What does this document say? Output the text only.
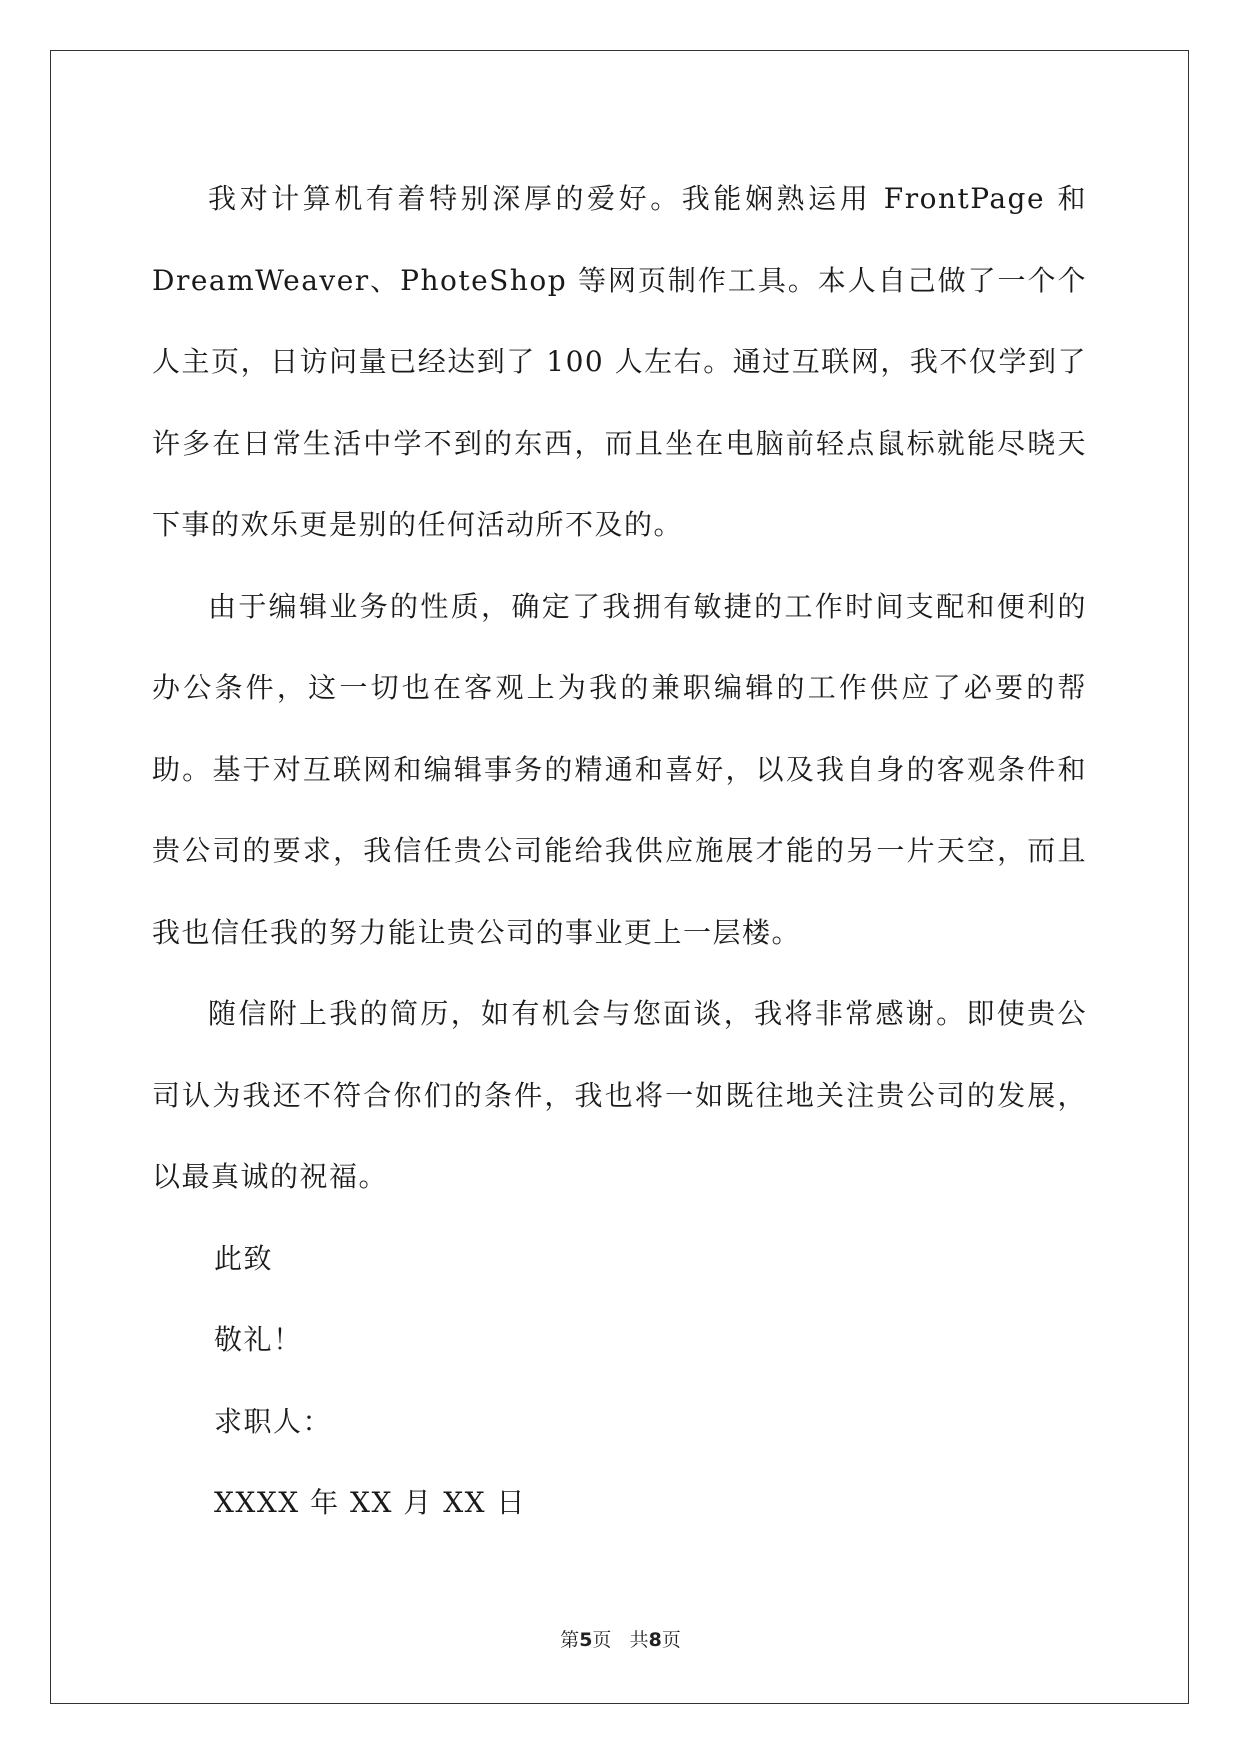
我对计算机有着特别深厚的爱好。我能娴熟运用 FrontPage 和 DreamWeaver、PhoteShop 等网页制作工具。本人自己做了一个个人主页，日访问量已经达到了 100 人左右。通过互联网，我不仅学到了许多在日常生活中学不到的东西，而且坐在电脑前轻点鼠标就能尽晓天下事的欢乐更是别的任何活动所不及的。

由于编辑业务的性质，确定了我拥有敏捷的工作时间支配和便利的办公条件，这一切也在客观上为我的兼职编辑的工作供应了必要的帮助。基于对互联网和编辑事务的精通和喜好，以及我自身的客观条件和贵公司的要求，我信任贵公司能给我供应施展才能的另一片天空，而且我也信任我的努力能让贵公司的事业更上一层楼。

随信附上我的简历，如有机会与您面谈，我将非常感谢。即使贵公司认为我还不符合你们的条件，我也将一如既往地关注贵公司的发展，以最真诚的祝福。

此致

敬礼！

求职人：

XXXX 年 XX 月 XX 日

第5页 共8页
